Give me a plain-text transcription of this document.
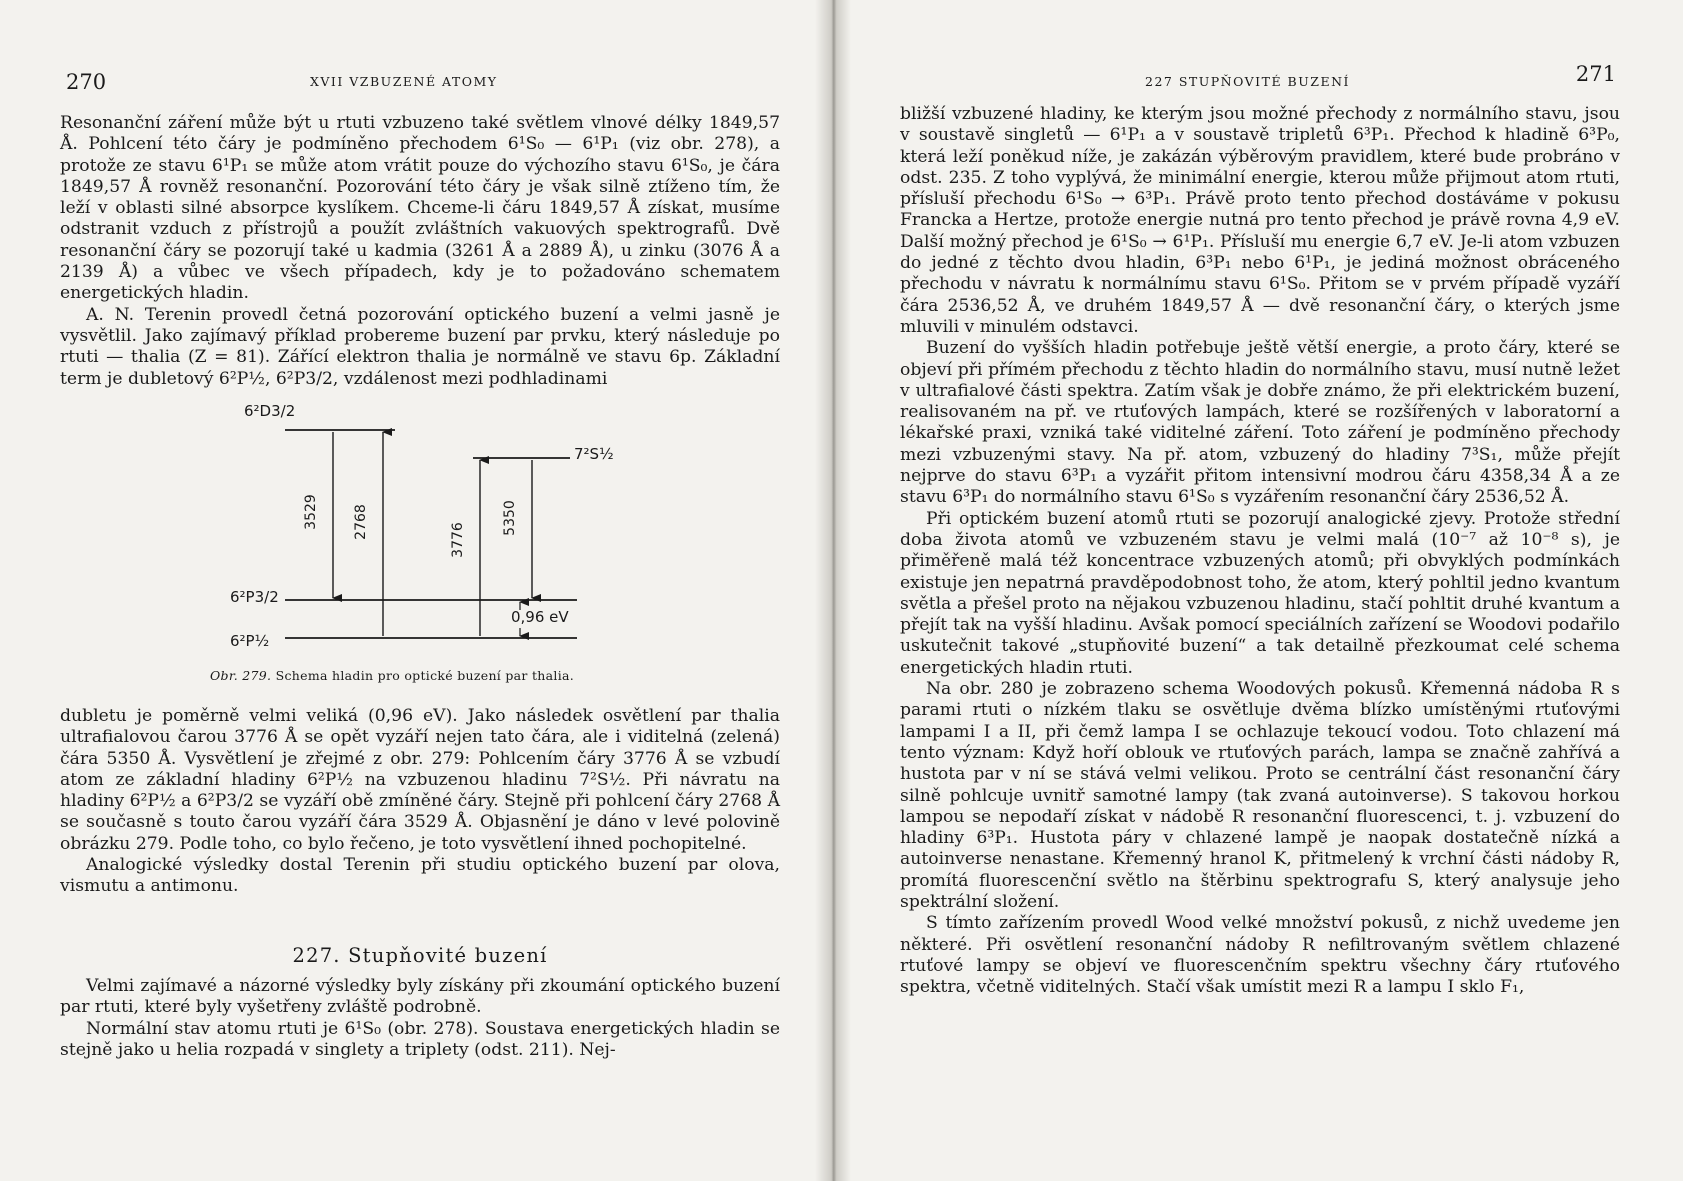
270	XVII VZBUZENÉ ATOMY

Resonanční záření může být u rtuti vzbuzeno také světlem vlnové délky 1849,57 Å. Pohlcení této čáry je podmíněno přechodem 6¹S₀ — 6¹P₁ (viz obr. 278), a protože ze stavu 6¹P₁ se může atom vrátit pouze do výchozího stavu 6¹S₀, je čára 1849,57 Å rovněž resonanční. Pozorování této čáry je však silně ztíženo tím, že leží v oblasti silné absorpce kyslíkem. Chceme-li čáru 1849,57 Å získat, musíme odstranit vzduch z přístrojů a použít zvláštních vakuových spektrografů. Dvě resonanční čáry se pozorují také u kadmia (3261 Å a 2889 Å), u zinku (3076 Å a 2139 Å) a vůbec ve všech případech, kdy je to požadováno schematem energetických hladin.

A. N. Terenin provedl četná pozorování optického buzení a velmi jasně je vysvětlil. Jako zajímavý příklad probereme buzení par prvku, který následuje po rtuti — thalia (Z = 81). Zářící elektron thalia je normálně ve stavu 6p. Základní term je dubletový 6²P½, 6²P3/2, vzdálenost mezi podhladinami

6²D3/2
7²S½
6²P3/2
6²P½
3529 2768
3776
5350
0,96 eV
Obr. 279. Schema hladin pro optické buzení par thalia.

dubletu je poměrně velmi veliká (0,96 eV). Jako následek osvětlení par thalia ultrafialovou čarou 3776 Å se opět vyzáří nejen tato čára, ale i viditelná (zelená) čára 5350 Å. Vysvětlení je zřejmé z obr. 279: Pohlcením čáry 3776 Å se vzbudí atom ze základní hladiny 6²P½ na vzbuzenou hladinu 7²S½. Při návratu na hladiny 6²P½ a 6²P3/2 se vyzáří obě zmíněné čáry. Stejně při pohlcení čáry 2768 Å se současně s touto čarou vyzáří čára 3529 Å. Objasnění je dáno v levé polovině obrázku 279. Podle toho, co bylo řečeno, je toto vysvětlení ihned pochopitelné.

Analogické výsledky dostal Terenin při studiu optického buzení par olova, vismutu a antimonu.

227. Stupňovité buzení

Velmi zajímavé a názorné výsledky byly získány při zkoumání optického buzení par rtuti, které byly vyšetřeny zvláště podrobně.

Normální stav atomu rtuti je 6¹S₀ (obr. 278). Soustava energetických hladin se stejně jako u helia rozpadá v singlety a triplety (odst. 211). Nej-

227 STUPŇOVITÉ BUZENÍ	271

bližší vzbuzené hladiny, ke kterým jsou možné přechody z normálního stavu, jsou v soustavě singletů — 6¹P₁ a v soustavě tripletů 6³P₁. Přechod k hladině 6³P₀, která leží poněkud níže, je zakázán výběrovým pravidlem, které bude probráno v odst. 235. Z toho vyplývá, že minimální energie, kterou může přijmout atom rtuti, přísluší přechodu 6¹S₀ → 6³P₁. Právě proto tento přechod dostáváme v pokusu Francka a Hertze, protože energie nutná pro tento přechod je právě rovna 4,9 eV. Další možný přechod je 6¹S₀ → 6¹P₁. Přísluší mu energie 6,7 eV. Je-li atom vzbuzen do jedné z těchto dvou hladin, 6³P₁ nebo 6¹P₁, je jediná možnost obráceného přechodu v návratu k normálnímu stavu 6¹S₀. Přitom se v prvém případě vyzáří čára 2536,52 Å, ve druhém 1849,57 Å — dvě resonanční čáry, o kterých jsme mluvili v minulém odstavci.

Buzení do vyšších hladin potřebuje ještě větší energie, a proto čáry, které se objeví při přímém přechodu z těchto hladin do normálního stavu, musí nutně ležet v ultrafialové části spektra. Zatím však je dobře známo, že při elektrickém buzení, realisovaném na př. ve rtuťových lampách, které se rozšířených v laboratorní a lékařské praxi, vzniká také viditelné záření. Toto záření je podmíněno přechody mezi vzbuzenými stavy. Na př. atom, vzbuzený do hladiny 7³S₁, může přejít nejprve do stavu 6³P₁ a vyzářit přitom intensivní modrou čáru 4358,34 Å a ze stavu 6³P₁ do normálního stavu 6¹S₀ s vyzářením resonanční čáry 2536,52 Å.

Při optickém buzení atomů rtuti se pozorují analogické zjevy. Protože střední doba života atomů ve vzbuzeném stavu je velmi malá (10⁻⁷ až 10⁻⁸ s), je přiměřeně malá též koncentrace vzbuzených atomů; při obvyklých podmínkách existuje jen nepatrná pravděpodobnost toho, že atom, který pohltil jedno kvantum světla a přešel proto na nějakou vzbuzenou hladinu, stačí pohltit druhé kvantum a přejít tak na vyšší hladinu. Avšak pomocí speciálních zařízení se Woodovi podařilo uskutečnit takové „stupňovité buzení“ a tak detailně přezkoumat celé schema energetických hladin rtuti.

Na obr. 280 je zobrazeno schema Woodových pokusů. Křemenná nádoba R s parami rtuti o nízkém tlaku se osvětluje dvěma blízko umístěnými rtuťovými lampami I a II, při čemž lampa I se ochlazuje tekoucí vodou. Toto chlazení má tento význam: Když hoří oblouk ve rtuťových parách, lampa se značně zahřívá a hustota par v ní se stává velmi velikou. Proto se centrální část resonanční čáry silně pohlcuje uvnitř samotné lampy (tak zvaná autoinverse). S takovou horkou lampou se nepodaří získat v nádobě R resonanční fluorescenci, t. j. vzbuzení do hladiny 6³P₁. Hustota páry v chlazené lampě je naopak dostatečně nízká a autoinverse nenastane. Křemenný hranol K, přitmelený k vrchní části nádoby R, promítá fluorescenční světlo na štěrbinu spektrografu S, který analysuje jeho spektrální složení.

S tímto zařízením provedl Wood velké množství pokusů, z nichž uvedeme jen některé. Při osvětlení resonanční nádoby R nefiltrovaným světlem chlazené rtuťové lampy se objeví ve fluorescenčním spektru všechny čáry rtuťového spektra, včetně viditelných. Stačí však umístit mezi R a lampu I sklo F₁,
